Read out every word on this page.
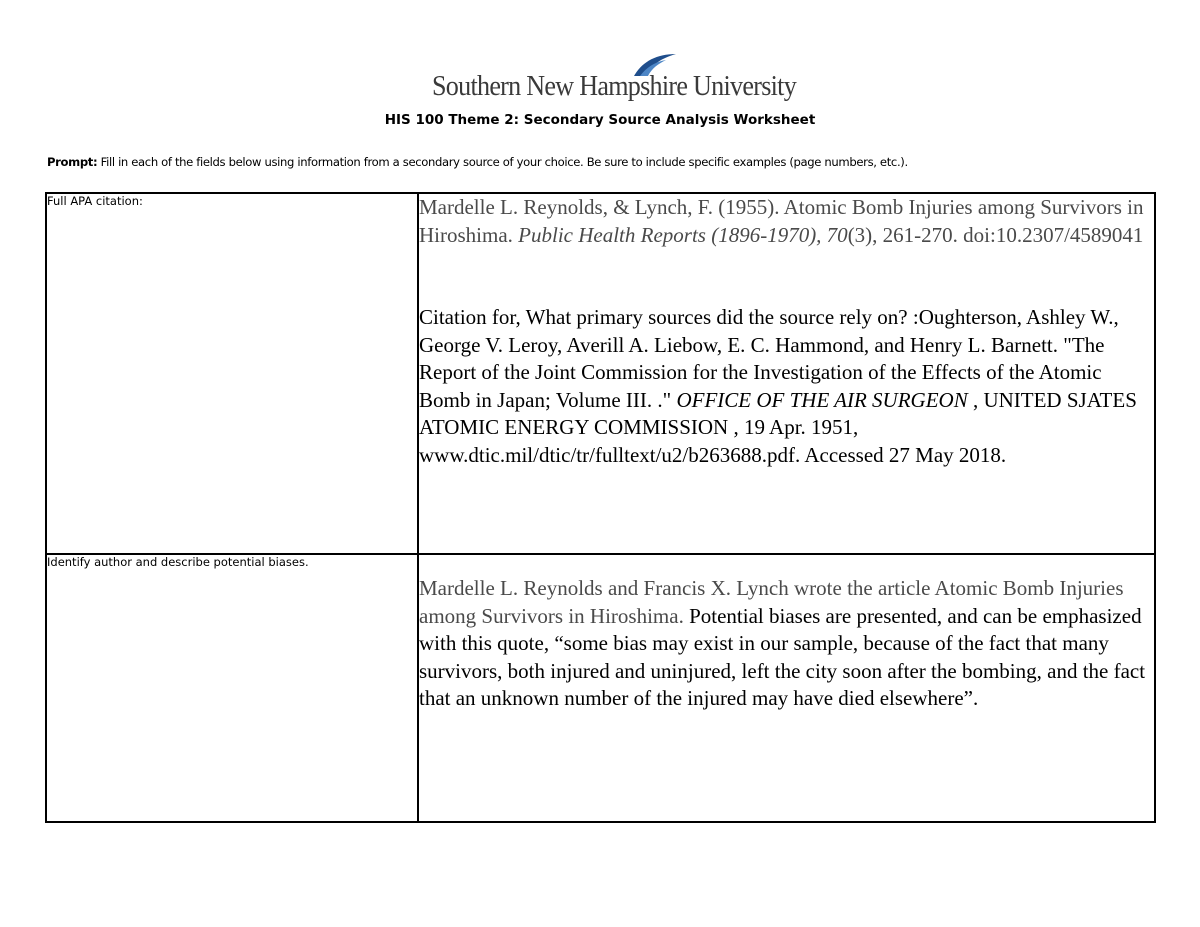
Southern New Hampshire University
HIS 100 Theme 2: Secondary Source Analysis Worksheet
Prompt: Fill in each of the fields below using information from a secondary source of your choice. Be sure to include specific examples (page numbers, etc.).
Full APA citation:	Mardelle L. Reynolds, & Lynch, F. (1955). Atomic Bomb Injuries among Survivors in Hiroshima. Public Health Reports (1896-1970), 70(3), 261-270. doi:10.2307/4589041
Citation for, What primary sources did the source rely on? :Oughterson, Ashley W., George V. Leroy, Averill A. Liebow, E. C. Hammond, and Henry L. Barnett. "The Report of the Joint Commission for the Investigation of the Effects of the Atomic Bomb in Japan; Volume III. ." OFFICE OF THE AIR SURGEON , UNITED SJATES ATOMIC ENERGY COMMISSION , 19 Apr. 1951, www.dtic.mil/dtic/tr/fulltext/u2/b263688.pdf. Accessed 27 May 2018.

Identify author and describe potential biases.	Mardelle L. Reynolds and Francis X. Lynch wrote the article Atomic Bomb Injuries among Survivors in Hiroshima. Potential biases are presented, and can be emphasized with this quote, “some bias may exist in our sample, because of the fact that many survivors, both injured and uninjured, left the city soon after the bombing, and the fact that an unknown number of the injured may have died elsewhere”.
